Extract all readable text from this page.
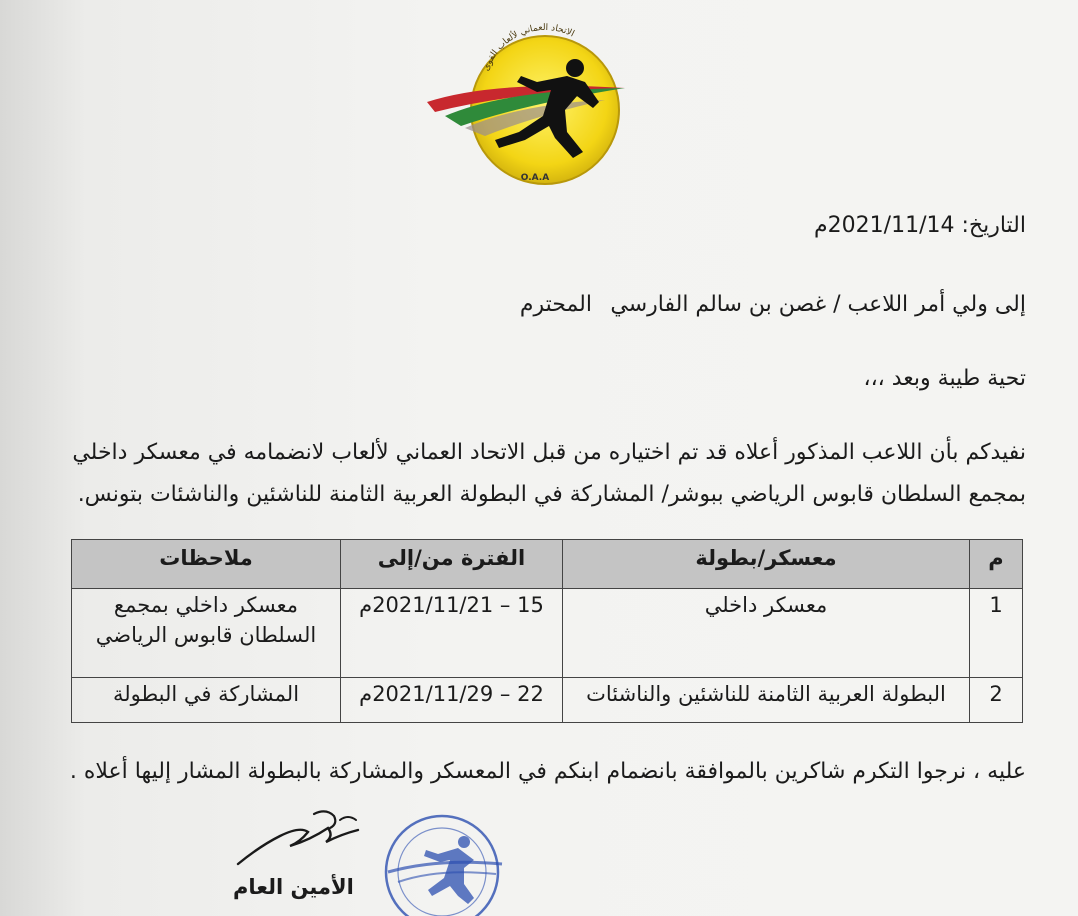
الاتحاد العماني لألعاب القوى
O.A.A
التاريخ: 2021/11/14م
إلى ولي أمر اللاعب / غصن بن سالم الفارسي
المحترم
تحية طيبة وبعد ،،،
نفيدكم بأن اللاعب المذكور أعلاه قد تم اختياره من قبل الاتحاد العماني لألعاب لانضمامه في معسكر داخلي
بمجمع السلطان قابوس الرياضي ببوشر/ المشاركة في البطولة العربية الثامنة للناشئين والناشئات بتونس.
م	معسكر/بطولة	الفترة من/إلى	ملاحظات
1	معسكر داخلي	15 – 2021/11/21م	معسكر داخلي بمجمع
السلطان قابوس الرياضي

2	البطولة العربية الثامنة للناشئين والناشئات	22 – 2021/11/29م	المشاركة في البطولة
عليه ، نرجوا التكرم شاكرين بالموافقة بانضمام ابنكم في المعسكر والمشاركة بالبطولة المشار إليها أعلاه .
الأمين العام
